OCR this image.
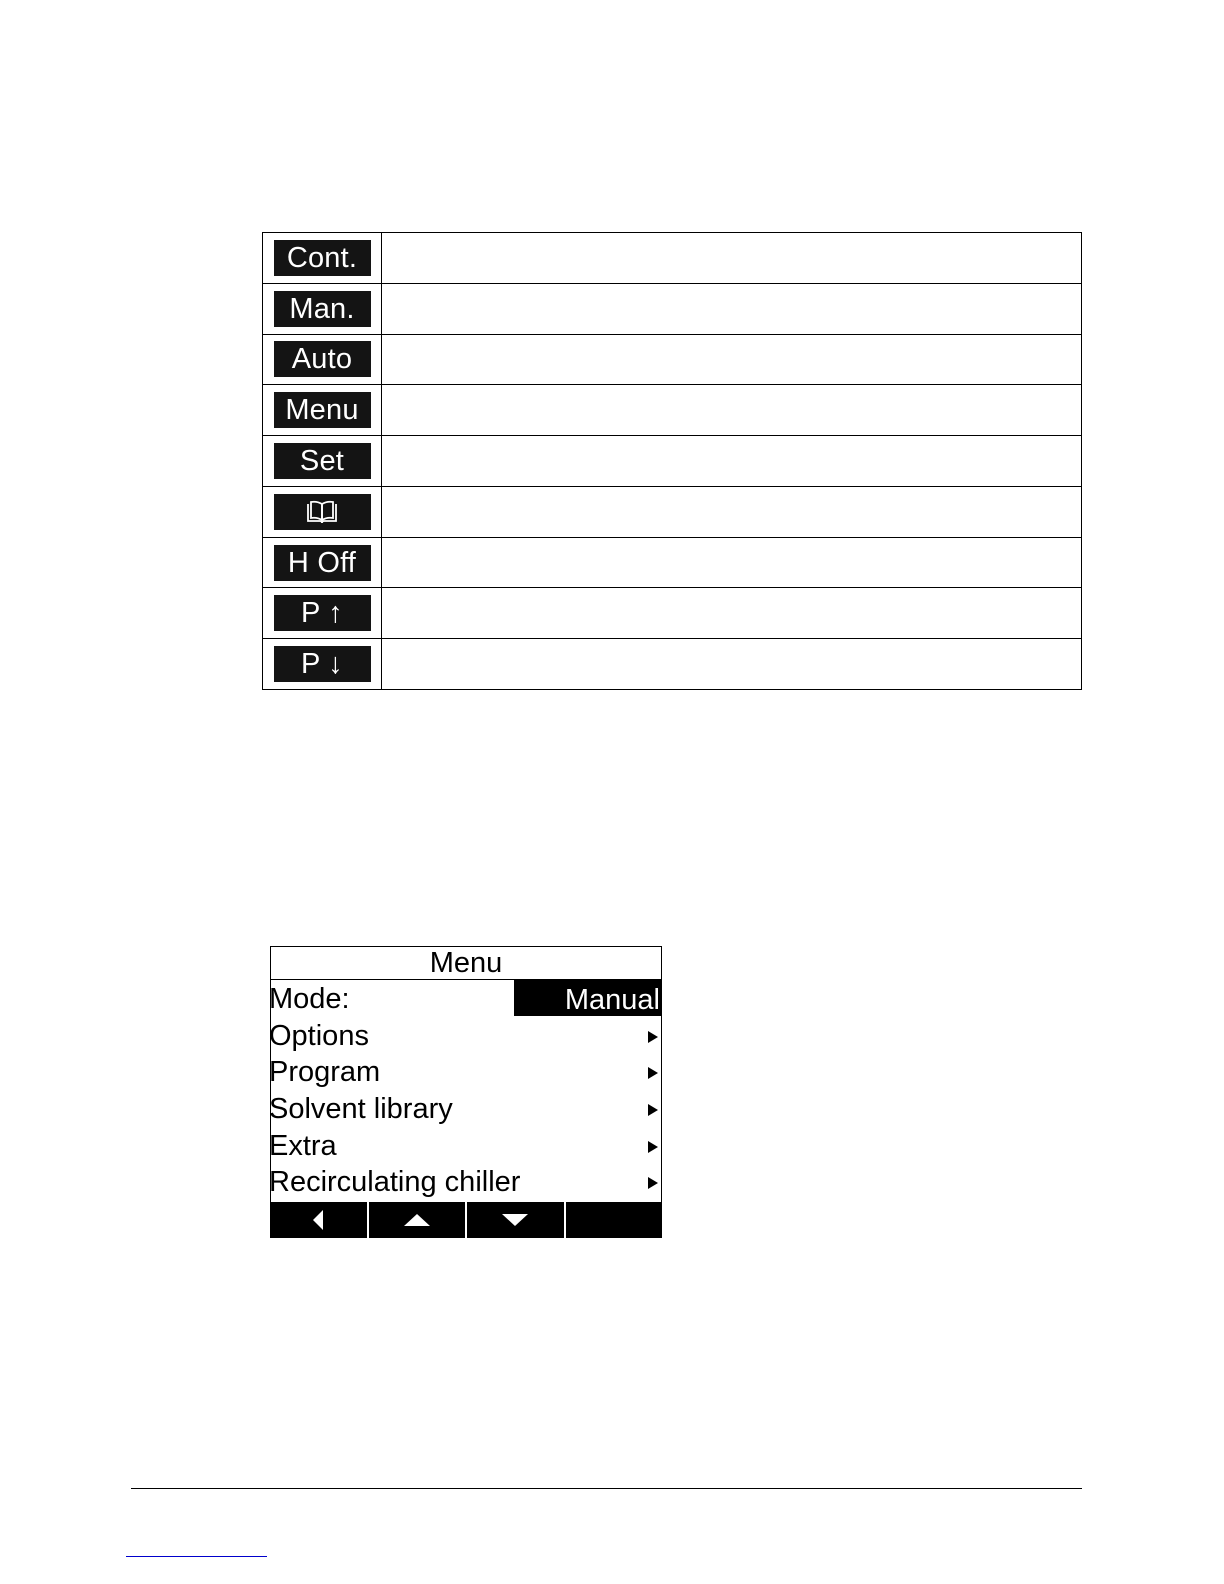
Cont.
Man.
Auto
Menu
Set
H Off
P ↑
P ↓
Menu
Mode:	Manual
Options
Program
Solvent library
Extra
Recirculating chiller
